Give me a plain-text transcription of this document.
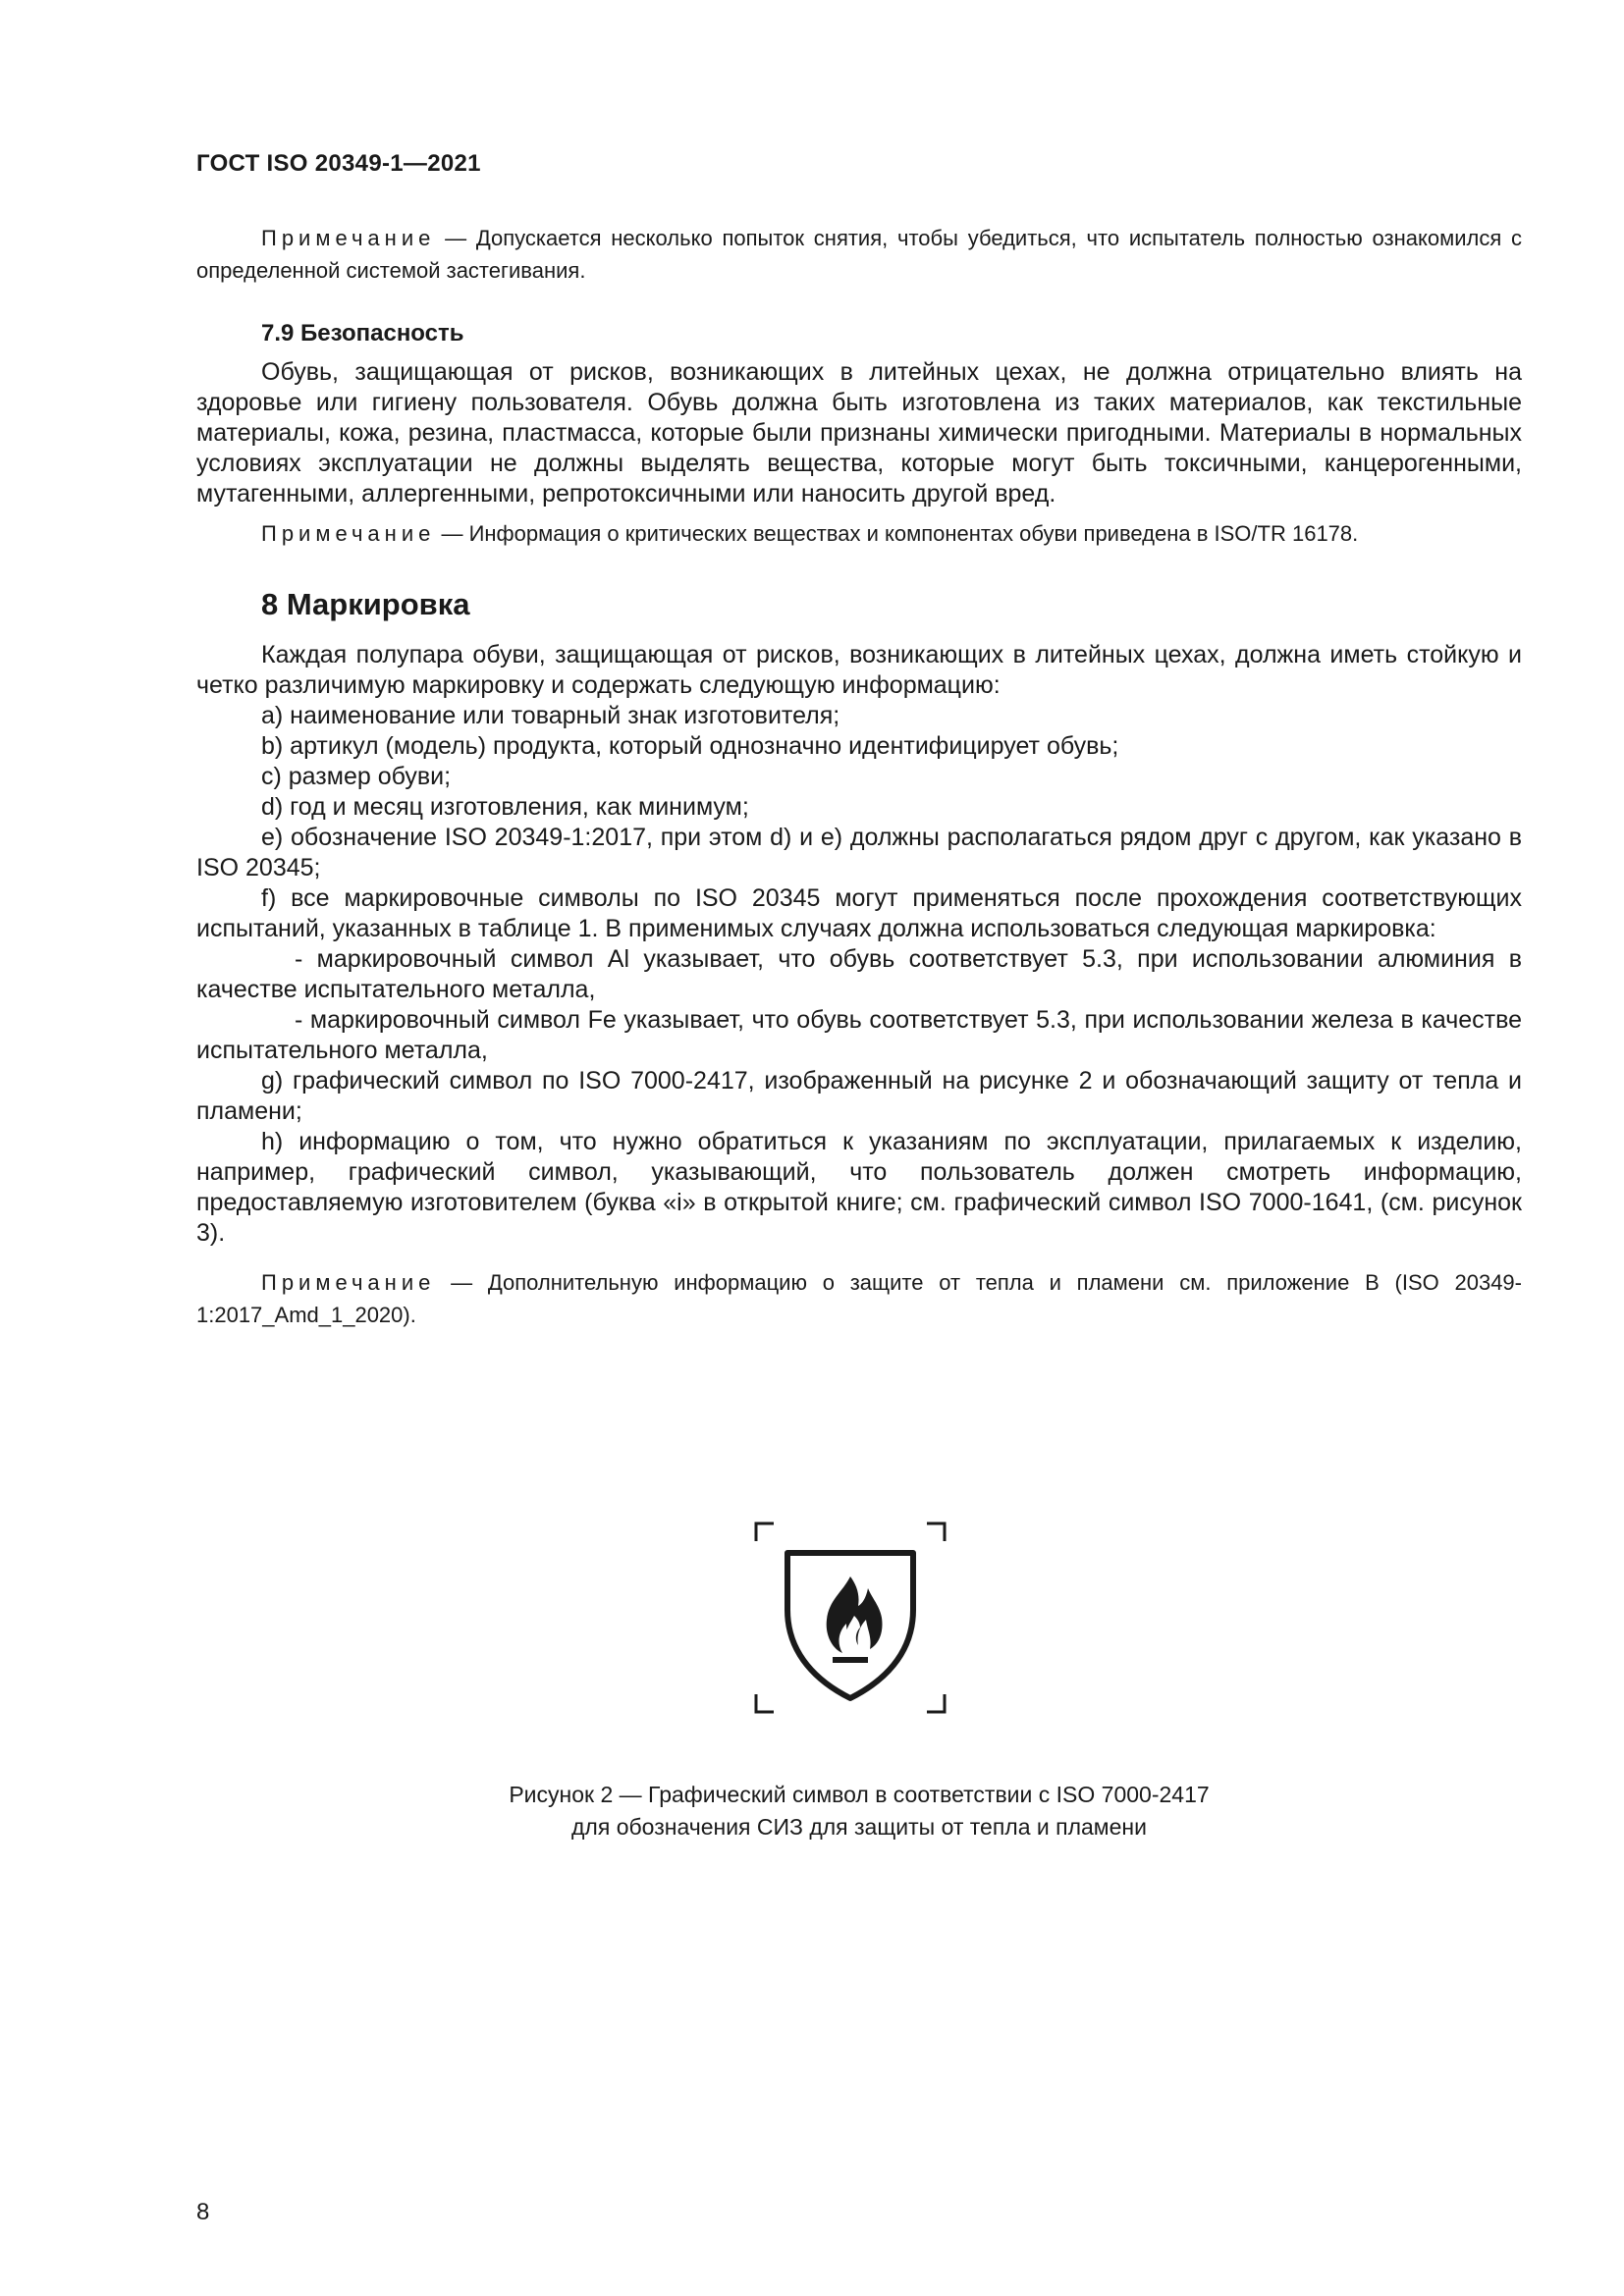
ГОСТ ISO 20349-1—2021

Примечание — Допускается несколько попыток снятия, чтобы убедиться, что испытатель полностью ознакомился с определенной системой застегивания.

7.9 Безопасность

Обувь, защищающая от рисков, возникающих в литейных цехах, не должна отрицательно влиять на здоровье или гигиену пользователя. Обувь должна быть изготовлена из таких материалов, как текстильные материалы, кожа, резина, пластмасса, которые были признаны химически пригодными. Материалы в нормальных условиях эксплуатации не должны выделять вещества, которые могут быть токсичными, канцерогенными, мутагенными, аллергенными, репротоксичными или наносить другой вред.

Примечание — Информация о критических веществах и компонентах обуви приведена в ISO/TR 16178.

8 Маркировка

Каждая полупара обуви, защищающая от рисков, возникающих в литейных цехах, должна иметь стойкую и четко различимую маркировку и содержать следующую информацию:

a) наименование или товарный знак изготовителя;

b) артикул (модель) продукта, который однозначно идентифицирует обувь;

c) размер обуви;

d) год и месяц изготовления, как минимум;

e) обозначение ISO 20349-1:2017, при этом d) и e) должны располагаться рядом друг с другом, как указано в ISO 20345;

f) все маркировочные символы по ISO 20345 могут применяться после прохождения соответствующих испытаний, указанных в таблице 1. В применимых случаях должна использоваться следующая маркировка:

- маркировочный символ Al указывает, что обувь соответствует 5.3, при использовании алюминия в качестве испытательного металла,

- маркировочный символ Fe указывает, что обувь соответствует 5.3, при использовании железа в качестве испытательного металла,

g) графический символ по ISO 7000-2417, изображенный на рисунке 2 и обозначающий защиту от тепла и пламени;

h) информацию о том, что нужно обратиться к указаниям по эксплуатации, прилагаемых к изделию, например, графический символ, указывающий, что пользователь должен смотреть информацию, предоставляемую изготовителем (буква «i» в открытой книге; см. графический символ ISO 7000-1641, (см. рисунок 3).

Примечание — Дополнительную информацию о защите от тепла и пламени см. приложение B (ISO 20349-1:2017_Amd_1_2020).

Рисунок 2 — Графический символ в соответствии с ISO 7000-2417
для обозначения СИЗ для защиты от тепла и пламени
8
